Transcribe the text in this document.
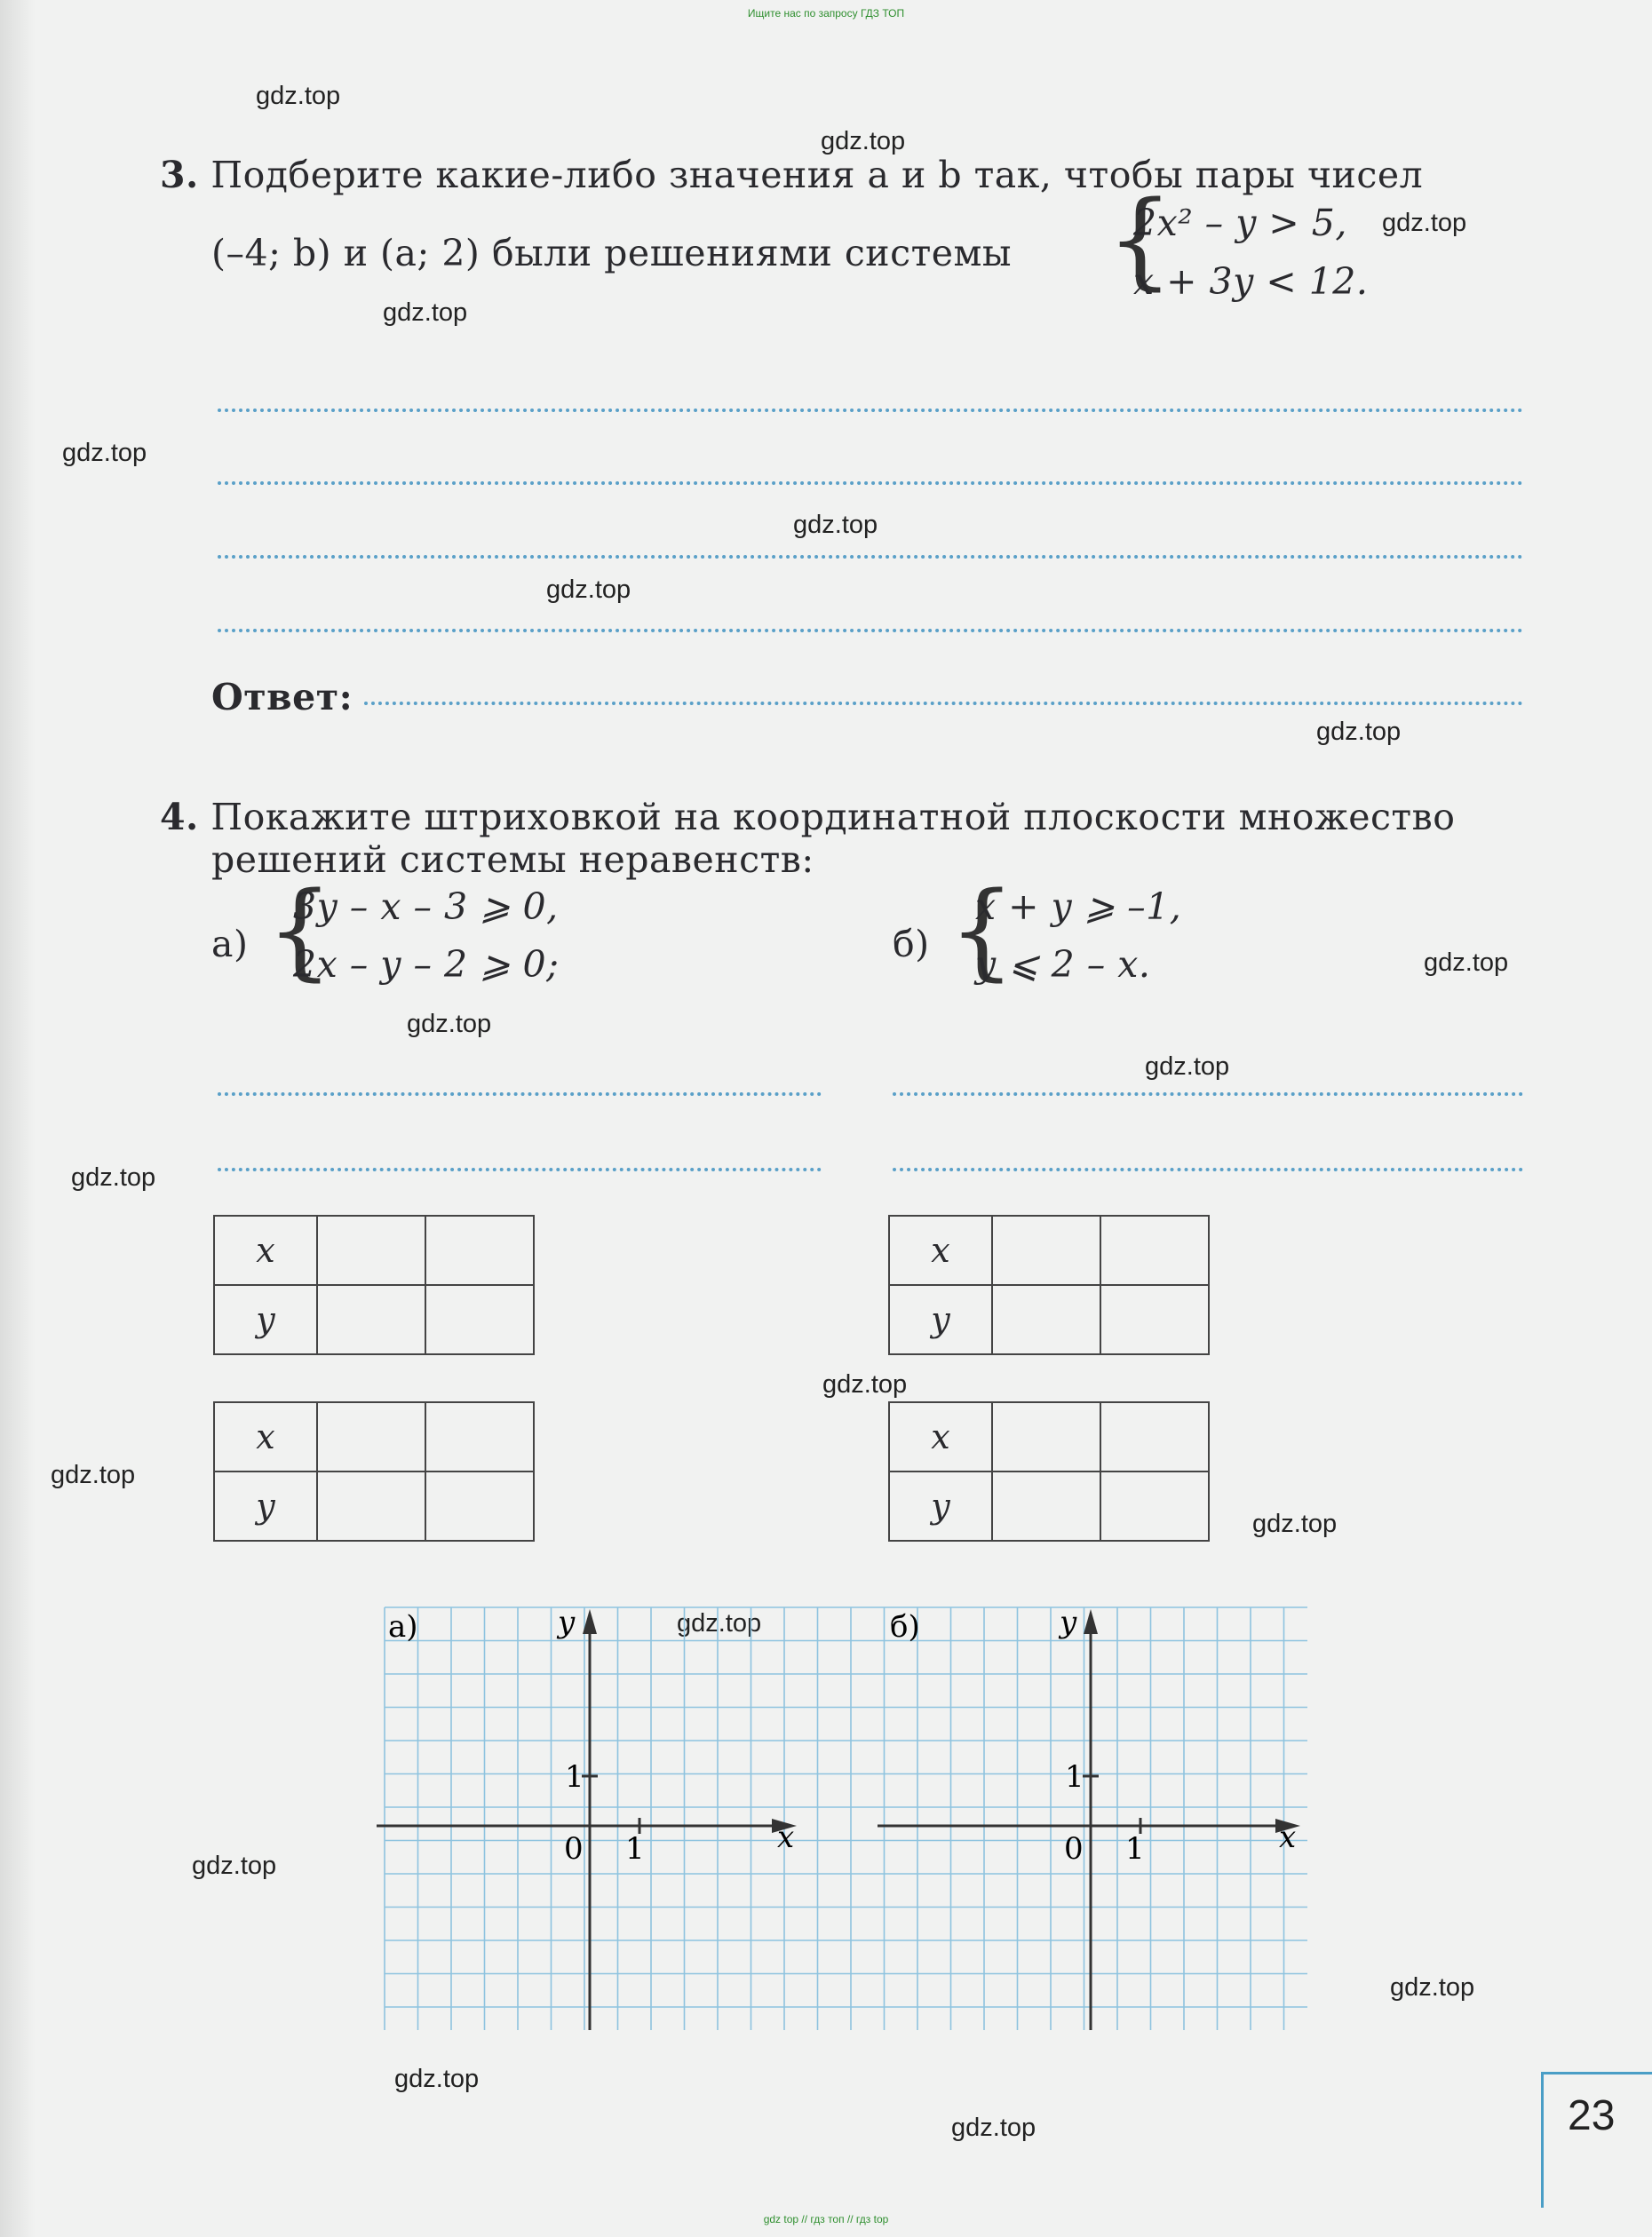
Ищите нас по запросу ГДЗ ТОП
gdz.top
gdz.top
gdz.top
gdz.top
gdz.top
gdz.top
gdz.top
gdz.top
gdz.top
gdz.top
gdz.top
gdz.top
gdz.top
gdz.top
gdz.top
gdz.top
gdz.top
gdz.top
gdz.top
gdz.top
3. Подберите какие-либо значения a и b так, чтобы пары чисел
(–4; b) и (a; 2) были решениями системы {
2x² – y > 5,
x + 3y < 12.
Ответ:
4. Покажите штриховкой на координатной плоскости множество
решений системы неравенств:
а) {
3y – x – 3 ⩾ 0,
2x – y – 2 ⩾ 0;	б) {
x + y ⩾ –1,
y ⩽ 2 – x.
x		
y		
x		
y		
x		
y		
x		
y		
а)	б)
y	y
x	x
0	0
1	1
1	1
23
gdz top // гдз топ // гдз top
